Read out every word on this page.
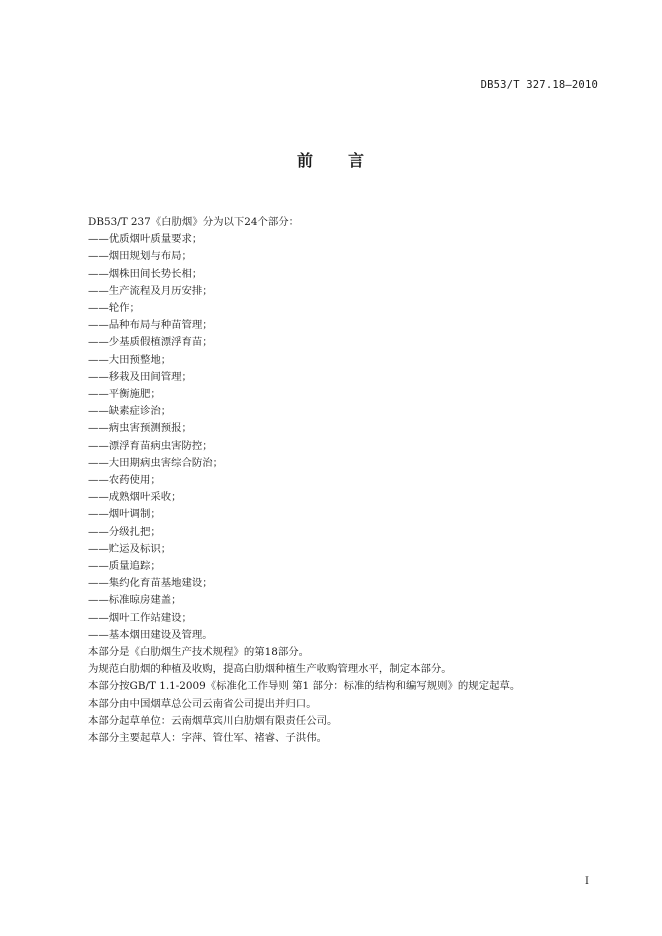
DB53/T 327.18—2010
前 言
DB53/T 237《白肋烟》分为以下24个部分：
——优质烟叶质量要求；
——烟田规划与布局；
——烟株田间长势长相；
——生产流程及月历安排；
——轮作；
——品种布局与种苗管理；
——少基质假植漂浮育苗；
——大田预整地；
——移栽及田间管理；
——平衡施肥；
——缺素症诊治；
——病虫害预测预报；
——漂浮育苗病虫害防控；
——大田期病虫害综合防治；
——农药使用；
——成熟烟叶采收；
——烟叶调制；
——分级扎把；
——贮运及标识；
——质量追踪；
——集约化育苗基地建设；
——标准晾房建盖；
——烟叶工作站建设；
——基本烟田建设及管理。
本部分是《白肋烟生产技术规程》的第18部分。
为规范白肋烟的种植及收购，提高白肋烟种植生产收购管理水平，制定本部分。
本部分按GB/T 1.1-2009《标准化工作导则 第1 部分：标准的结构和编写规则》的规定起草。
本部分由中国烟草总公司云南省公司提出并归口。
本部分起草单位：云南烟草宾川白肋烟有限责任公司。
本部分主要起草人：字萍、管仕军、褚睿、子洪伟。
I
